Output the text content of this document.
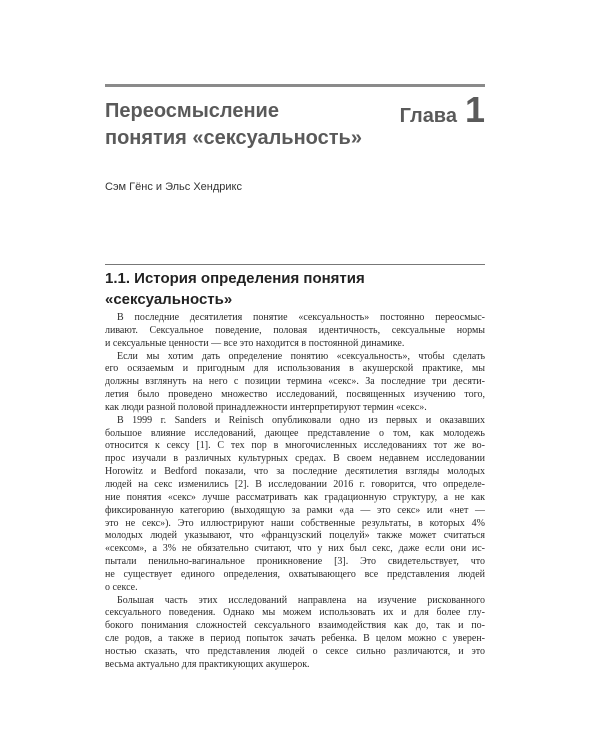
Переосмысление
понятия «сексуальность»
Глава 1
Сэм Гёнс и Эльс Хендрикс
1.1. История определения понятия
«сексуальность»
В последние десятилетия понятие «сексуальность» постоянно переосмыс-
ливают. Сексуальное поведение, половая идентичность, сексуальные нормы
и сексуальные ценности — все это находится в постоянной динамике.
Если мы хотим дать определение понятию «сексуальность», чтобы сделать
его осязаемым и пригодным для использования в акушерской практике, мы
должны взглянуть на него с позиции термина «секс». За последние три десяти-
летия было проведено множество исследований, посвященных изучению того,
как люди разной половой принадлежности интерпретируют термин «секс».
В 1999 г. Sanders и Reinisch опубликовали одно из первых и оказавших
большое влияние исследований, дающее представление о том, как молодежь
относится к сексу [1]. С тех пор в многочисленных исследованиях тот же во-
прос изучали в различных культурных средах. В своем недавнем исследовании
Horowitz и Bedford показали, что за последние десятилетия взгляды молодых
людей на секс изменились [2]. В исследовании 2016 г. говорится, что определе-
ние понятия «секс» лучше рассматривать как градационную структуру, а не как
фиксированную категорию (выходящую за рамки «да — это секс» или «нет —
это не секс»). Это иллюстрируют наши собственные результаты, в которых 4%
молодых людей указывают, что «французский поцелуй» также может считаться
«сексом», а 3% не обязательно считают, что у них был секс, даже если они ис-
пытали пенильно-вагинальное проникновение [3]. Это свидетельствует, что
не существует единого определения, охватывающего все представления людей
о сексе.
Большая часть этих исследований направлена на изучение рискованного
сексуального поведения. Однако мы можем использовать их и для более глу-
бокого понимания сложностей сексуального взаимодействия как до, так и по-
сле родов, а также в период попыток зачать ребенка. В целом можно с уверен-
ностью сказать, что представления людей о сексе сильно различаются, и это
весьма актуально для практикующих акушерок.
